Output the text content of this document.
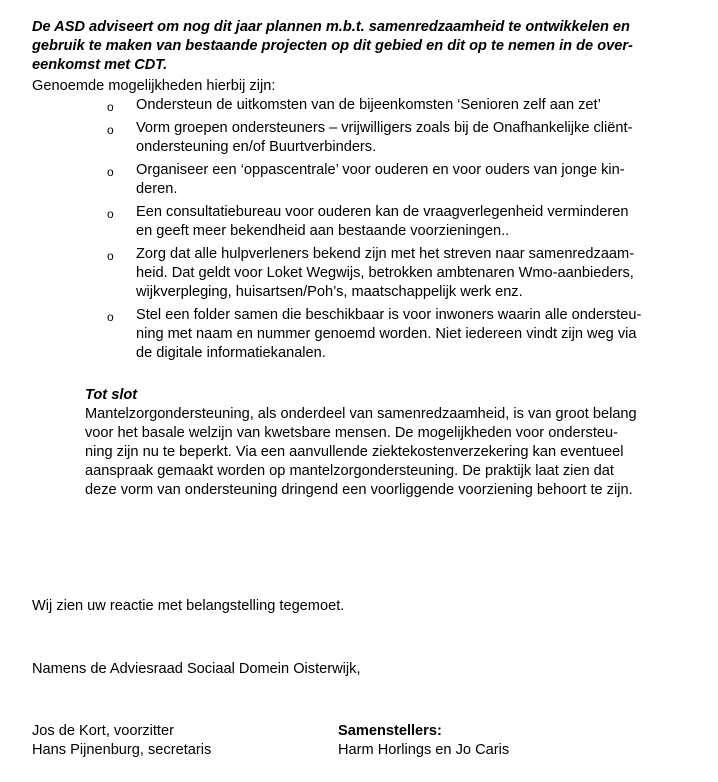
De ASD adviseert om nog dit jaar plannen m.b.t. samenredzaamheid te ontwikkelen en
gebruik te maken van bestaande projecten op dit gebied en dit op te nemen in de over-
eenkomst met CDT.

Genoemde mogelijkheden hierbij zijn:

o Ondersteun de uitkomsten van de bijeenkomsten ‘Senioren zelf aan zet’
o Vorm groepen ondersteuners – vrijwilligers zoals bij de Onafhankelijke cliënt-
ondersteuning en/of Buurtverbinders.
o Organiseer een ‘oppascentrale’ voor ouderen en voor ouders van jonge kin-
deren.
o Een consultatiebureau voor ouderen kan de vraagverlegenheid verminderen
en geeft meer bekendheid aan bestaande voorzieningen..
o Zorg dat alle hulpverleners bekend zijn met het streven naar samenredzaam-
heid. Dat geldt voor Loket Wegwijs, betrokken ambtenaren Wmo-aanbieders,
wijkverpleging, huisartsen/Poh’s, maatschappelijk werk enz.
o Stel een folder samen die beschikbaar is voor inwoners waarin alle ondersteu-
ning met naam en nummer genoemd worden. Niet iedereen vindt zijn weg via
de digitale informatiekanalen.

Tot slot

Mantelzorgondersteuning, als onderdeel van samenredzaamheid, is van groot belang
voor het basale welzijn van kwetsbare mensen. De mogelijkheden voor ondersteu-
ning zijn nu te beperkt. Via een aanvullende ziektekostenverzekering kan eventueel
aanspraak gemaakt worden op mantelzorgondersteuning. De praktijk laat zien dat
deze vorm van ondersteuning dringend een voorliggende voorziening behoort te zijn.

Wij zien uw reactie met belangstelling tegemoet.

Namens de Adviesraad Sociaal Domein Oisterwijk,

Jos de Kort, voorzitter
Hans Pijnenburg, secretaris
Samenstellers:
Harm Horlings en Jo Caris
